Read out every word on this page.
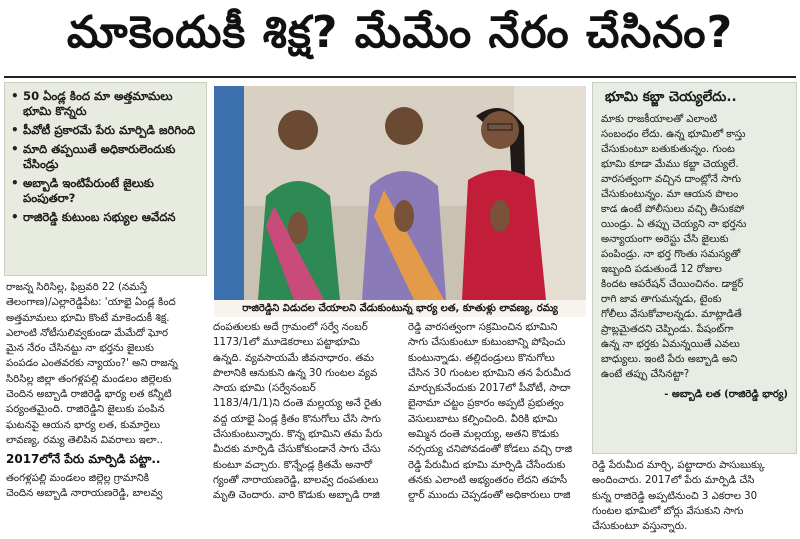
మాకెందుకీ శిక్ష? మేమేం నేరం చేసినం?
• 50 ఏండ్ల కింద మా అత్తమామలు భూమి కొన్నరు
• పీవోటీ ప్రకారమే పేరు మార్పిడి జరిగింది
• మాది తప్పయితే అధికారులెందుకు చేసిండ్రు
• అబ్బాడి ఇంటిపేరుంటే జైలుకు పంపుతరా?
• రాజిరెడ్డి కుటుంబ సభ్యుల ఆవేదన
రాజిరెడ్డిని విడుదల చేయాలని వేడుకుంటున్న భార్య లత, కూతుళ్లు లావణ్య, రమ్య
రాజన్న సిరిసిల్ల, ఫిబ్రవరి 22 (నమస్తే
తెలంగాణ)/ఎల్లారెడ్డిపేట: 'యాభై ఏండ్ల కింద
అత్తమామలు భూమి కొంటే మాకెందుకీ శిక్ష.
ఎలాంటి నోటీసులివ్వకుండా మేమేదో ఘోర
మైన నేరం చేసినట్టు నా భర్తను జైలుకు
పంపడం ఎంతవరకు న్యాయం?' అని రాజన్న
సిరిసిల్ల జిల్లా తంగళ్లపల్లి మండలం జిల్లెలకు
చెందిన అబ్బాడి రాజిరెడ్డి భార్య లత కన్నీటి
పర్యంతమైంది. రాజిరెడ్డిని జైలుకు పంపిన
ఘటనపై ఆయన భార్య లత, కుమార్తెలు
లావణ్య, రమ్య తెలిపిన వివరాలు ఇలా..
2017లోనే పేరు మార్పిడి పట్టా..
తంగళ్లపల్లి మండలం జిల్లెల్ల గ్రామానికి
చెందిన అబ్బాడి నారాయణరెడ్డి, బాలవ్వ
దంపతులకు అదే గ్రామంలో సర్వే నంబర్
1173/1లో మూడెకరాలు పట్టాభూమి
ఉన్నది. వ్యవసాయమే జీవనాధారం. తమ
పొలానికి ఆనుకుని ఉన్న 30 గుంటల వ్యవ
సాయ భూమి (సర్వేనంబర్
1183/4/1/1)ని దంతె మల్లయ్య అనే రైతు
వద్ద యాభై ఏండ్ల క్రితం కొనుగోలు చేసి సాగు
చేసుకుంటున్నారు. కొన్న భూమిని తమ పేరు
మీదకు మార్పిడి చేసుకోకుండానే సాగు చేసు
కుంటూ వచ్చారు. కొన్నేండ్ల క్రితమే అనారో
గ్యంతో నారాయణరెడ్డి, బాలవ్వ దంపతులు
మృతి చెందారు. వారి కొడుకు అబ్బాడి రాజి
రెడ్డి వారసత్వంగా సక్రమించిన భూమిని
సాగు చేసుకుంటూ కుటుంబాన్ని పోషించు
కుంటున్నాడు. తల్లిదండ్రులు కొనుగోలు
చేసిన 30 గుంటల భూమిని తన పేరుమీద
మార్చుకునేందుకు 2017లో పీవోటీ, సాదా
బైనామా చట్టం ప్రకారం అప్పటి ప్రభుత్వం
వెసులుబాటు కల్పించింది. వీరికి భూమి
అమ్మిన దంతె మల్లయ్య, అతని కొడుకు
నర్సయ్య చనిపోవడంతో కోడలు వచ్చి రాజి
రెడ్డి పేరుమీద భూమి మార్పిడి చేసేందుకు
తనకు ఎలాంటి అభ్యంతరం లేదని తహసీ
ల్దార్ ముందు చెప్పడంతో అధికారులు రాజి
భూమి కబ్జా చెయ్యలేదు..
మాకు రాజకీయాలతో ఎలాంటి
సంబంధం లేదు. ఉన్న భూమిలో కాస్తు
చేసుకుంటూ బతుకుతున్నం. గుంట
భూమి కూడా మేము కబ్జా చెయ్యలే.
వారసత్వంగా వచ్చిన దాంట్లోనే సాగు
చేసుకుంటున్నం. మా ఆయన పొలం
కాడ ఉంటే పోలీసులు వచ్చి తీసుకపో
యిండ్రు. ఏ తప్పు చెయ్యని నా భర్తను
అన్యాయంగా అరెస్టు చేసి జైలుకు
పంపిండ్రు. నా భర్త గొంతు సమస్యతో
ఇబ్బంది పడుతుండే 12 రోజుల
కిందట ఆపరేషన్ చేయించినం. డాక్టర్
రాగి జావ తాగుమన్నడు, టైంకు
గోలీలు వేసుకోవాలన్నడు. మాట్లాడితే
ప్రాబ్లమైతదని చెప్పిండు. పేషంట్‌గా
ఉన్న నా భర్తకు ఏమన్నయితే ఎవలు
బాధ్యులు. ఇంటి పేరు అబ్బాడి అని
ఉంటే తప్పు చేసినట్టా?
- అబ్బాడి లత (రాజిరెడ్డి భార్య)
రెడ్డి పేరుమీద మార్చి, పట్టాదారు పాసుబుక్కు
అందించారు. 2017లో పేరు మార్పిడి చేసి
కున్న రాజిరెడ్డి అప్పటినుంచి 3 ఎకరాల 30
గుంటల భూమిలో బోర్లు వేసుకుని సాగు
చేసుకుంటూ వస్తున్నారు.
